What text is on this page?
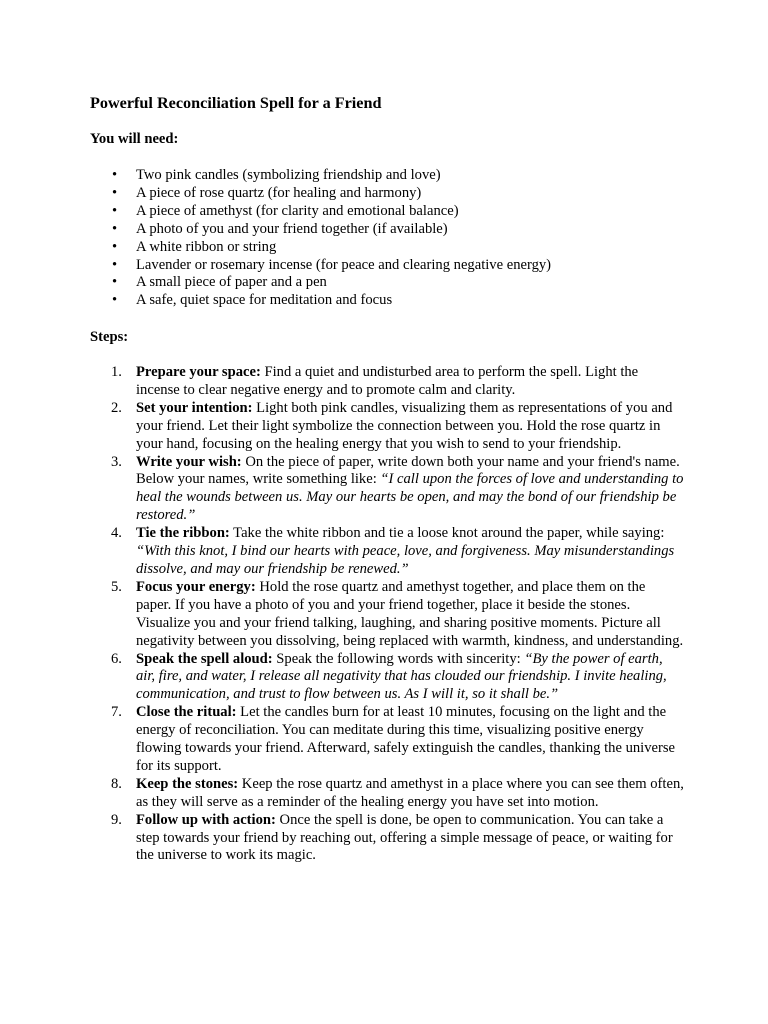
Powerful Reconciliation Spell for a Friend

You will need:

• Two pink candles (symbolizing friendship and love)
• A piece of rose quartz (for healing and harmony)
• A piece of amethyst (for clarity and emotional balance)
• A photo of you and your friend together (if available)
• A white ribbon or string
• Lavender or rosemary incense (for peace and clearing negative energy)
• A small piece of paper and a pen
• A safe, quiet space for meditation and focus

Steps:

1. Prepare your space: Find a quiet and undisturbed area to perform the spell. Light the incense to clear negative energy and to promote calm and clarity.
2. Set your intention: Light both pink candles, visualizing them as representations of you and your friend. Let their light symbolize the connection between you. Hold the rose quartz in your hand, focusing on the healing energy that you wish to send to your friendship.
3. Write your wish: On the piece of paper, write down both your name and your friend's name. Below your names, write something like: “I call upon the forces of love and understanding to heal the wounds between us. May our hearts be open, and may the bond of our friendship be restored.”
4. Tie the ribbon: Take the white ribbon and tie a loose knot around the paper, while saying: “With this knot, I bind our hearts with peace, love, and forgiveness. May misunderstandings dissolve, and may our friendship be renewed.”
5. Focus your energy: Hold the rose quartz and amethyst together, and place them on the paper. If you have a photo of you and your friend together, place it beside the stones. Visualize you and your friend talking, laughing, and sharing positive moments. Picture all negativity between you dissolving, being replaced with warmth, kindness, and understanding.
6. Speak the spell aloud: Speak the following words with sincerity: “By the power of earth, air, fire, and water, I release all negativity that has clouded our friendship. I invite healing, communication, and trust to flow between us. As I will it, so it shall be.”
7. Close the ritual: Let the candles burn for at least 10 minutes, focusing on the light and the energy of reconciliation. You can meditate during this time, visualizing positive energy flowing towards your friend. Afterward, safely extinguish the candles, thanking the universe for its support.
8. Keep the stones: Keep the rose quartz and amethyst in a place where you can see them often, as they will serve as a reminder of the healing energy you have set into motion.
9. Follow up with action: Once the spell is done, be open to communication. You can take a step towards your friend by reaching out, offering a simple message of peace, or waiting for the universe to work its magic.
